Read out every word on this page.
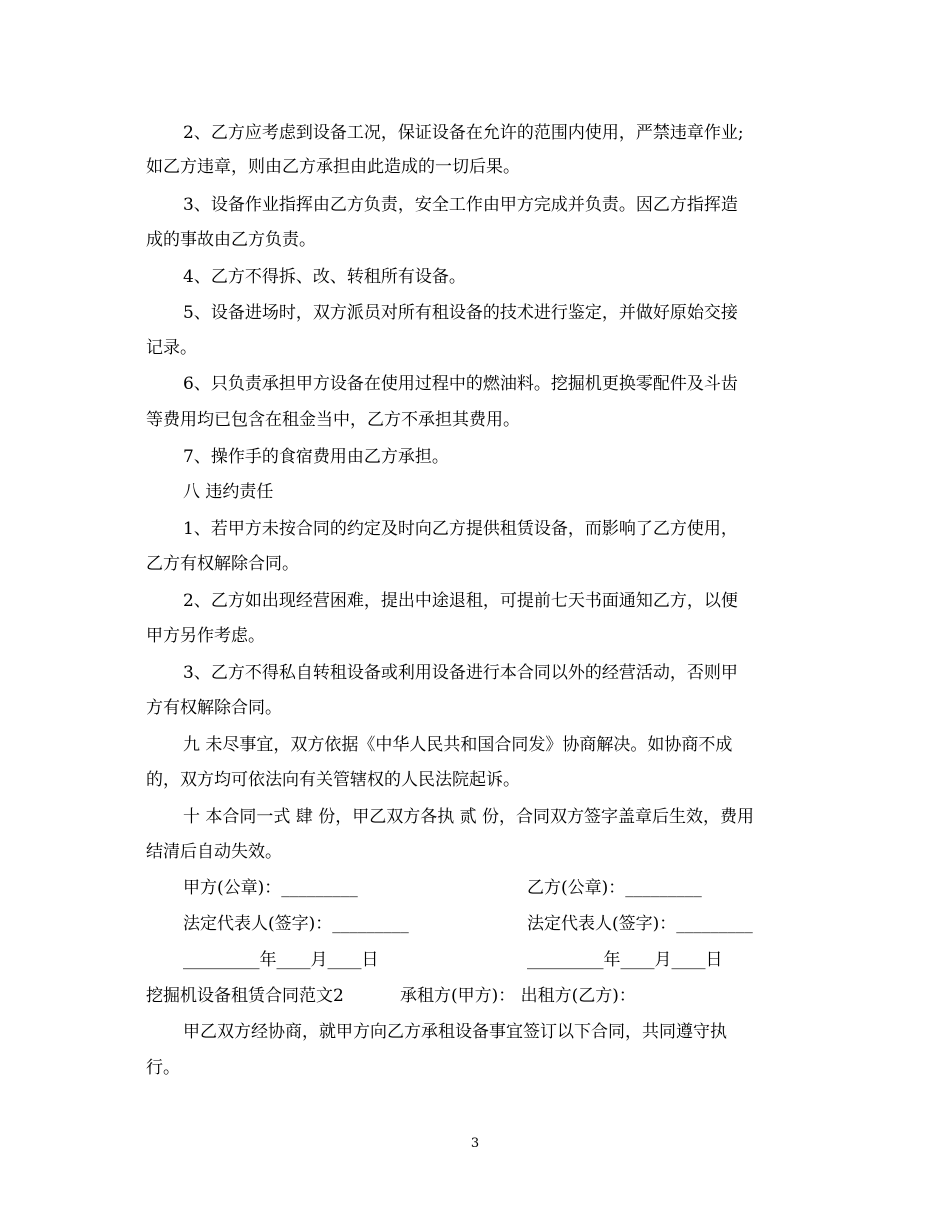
2、乙方应考虑到设备工况，保证设备在允许的范围内使用，严禁违章作业;
如乙方违章，则由乙方承担由此造成的一切后果。
3、设备作业指挥由乙方负责，安全工作由甲方完成并负责。因乙方指挥造
成的事故由乙方负责。
4、乙方不得拆、改、转租所有设备。
5、设备进场时，双方派员对所有租设备的技术进行鉴定，并做好原始交接
记录。
6、只负责承担甲方设备在使用过程中的燃油料。挖掘机更换零配件及斗齿
等费用均已包含在租金当中，乙方不承担其费用。
7、操作手的食宿费用由乙方承担。
八 违约责任
1、若甲方未按合同的约定及时向乙方提供租赁设备，而影响了乙方使用，
乙方有权解除合同。
2、乙方如出现经营困难，提出中途退租，可提前七天书面通知乙方，以便
甲方另作考虑。
3、乙方不得私自转租设备或利用设备进行本合同以外的经营活动，否则甲
方有权解除合同。
九 未尽事宜，双方依据《中华人民共和国合同发》协商解决。如协商不成
的，双方均可依法向有关管辖权的人民法院起诉。
十 本合同一式 肆 份，甲乙双方各执 贰 份，合同双方签字盖章后生效，费用
结清后自动失效。
甲方(公章)：_________	乙方(公章)：_________
法定代表人(签字)：_________	法定代表人(签字)：_________
_________年____月____日	_________年____月____日
挖掘机设备租赁合同范文2	承租方(甲方)： 出租方(乙方)：
甲乙双方经协商，就甲方向乙方承租设备事宜签订以下合同，共同遵守执
行。
3
